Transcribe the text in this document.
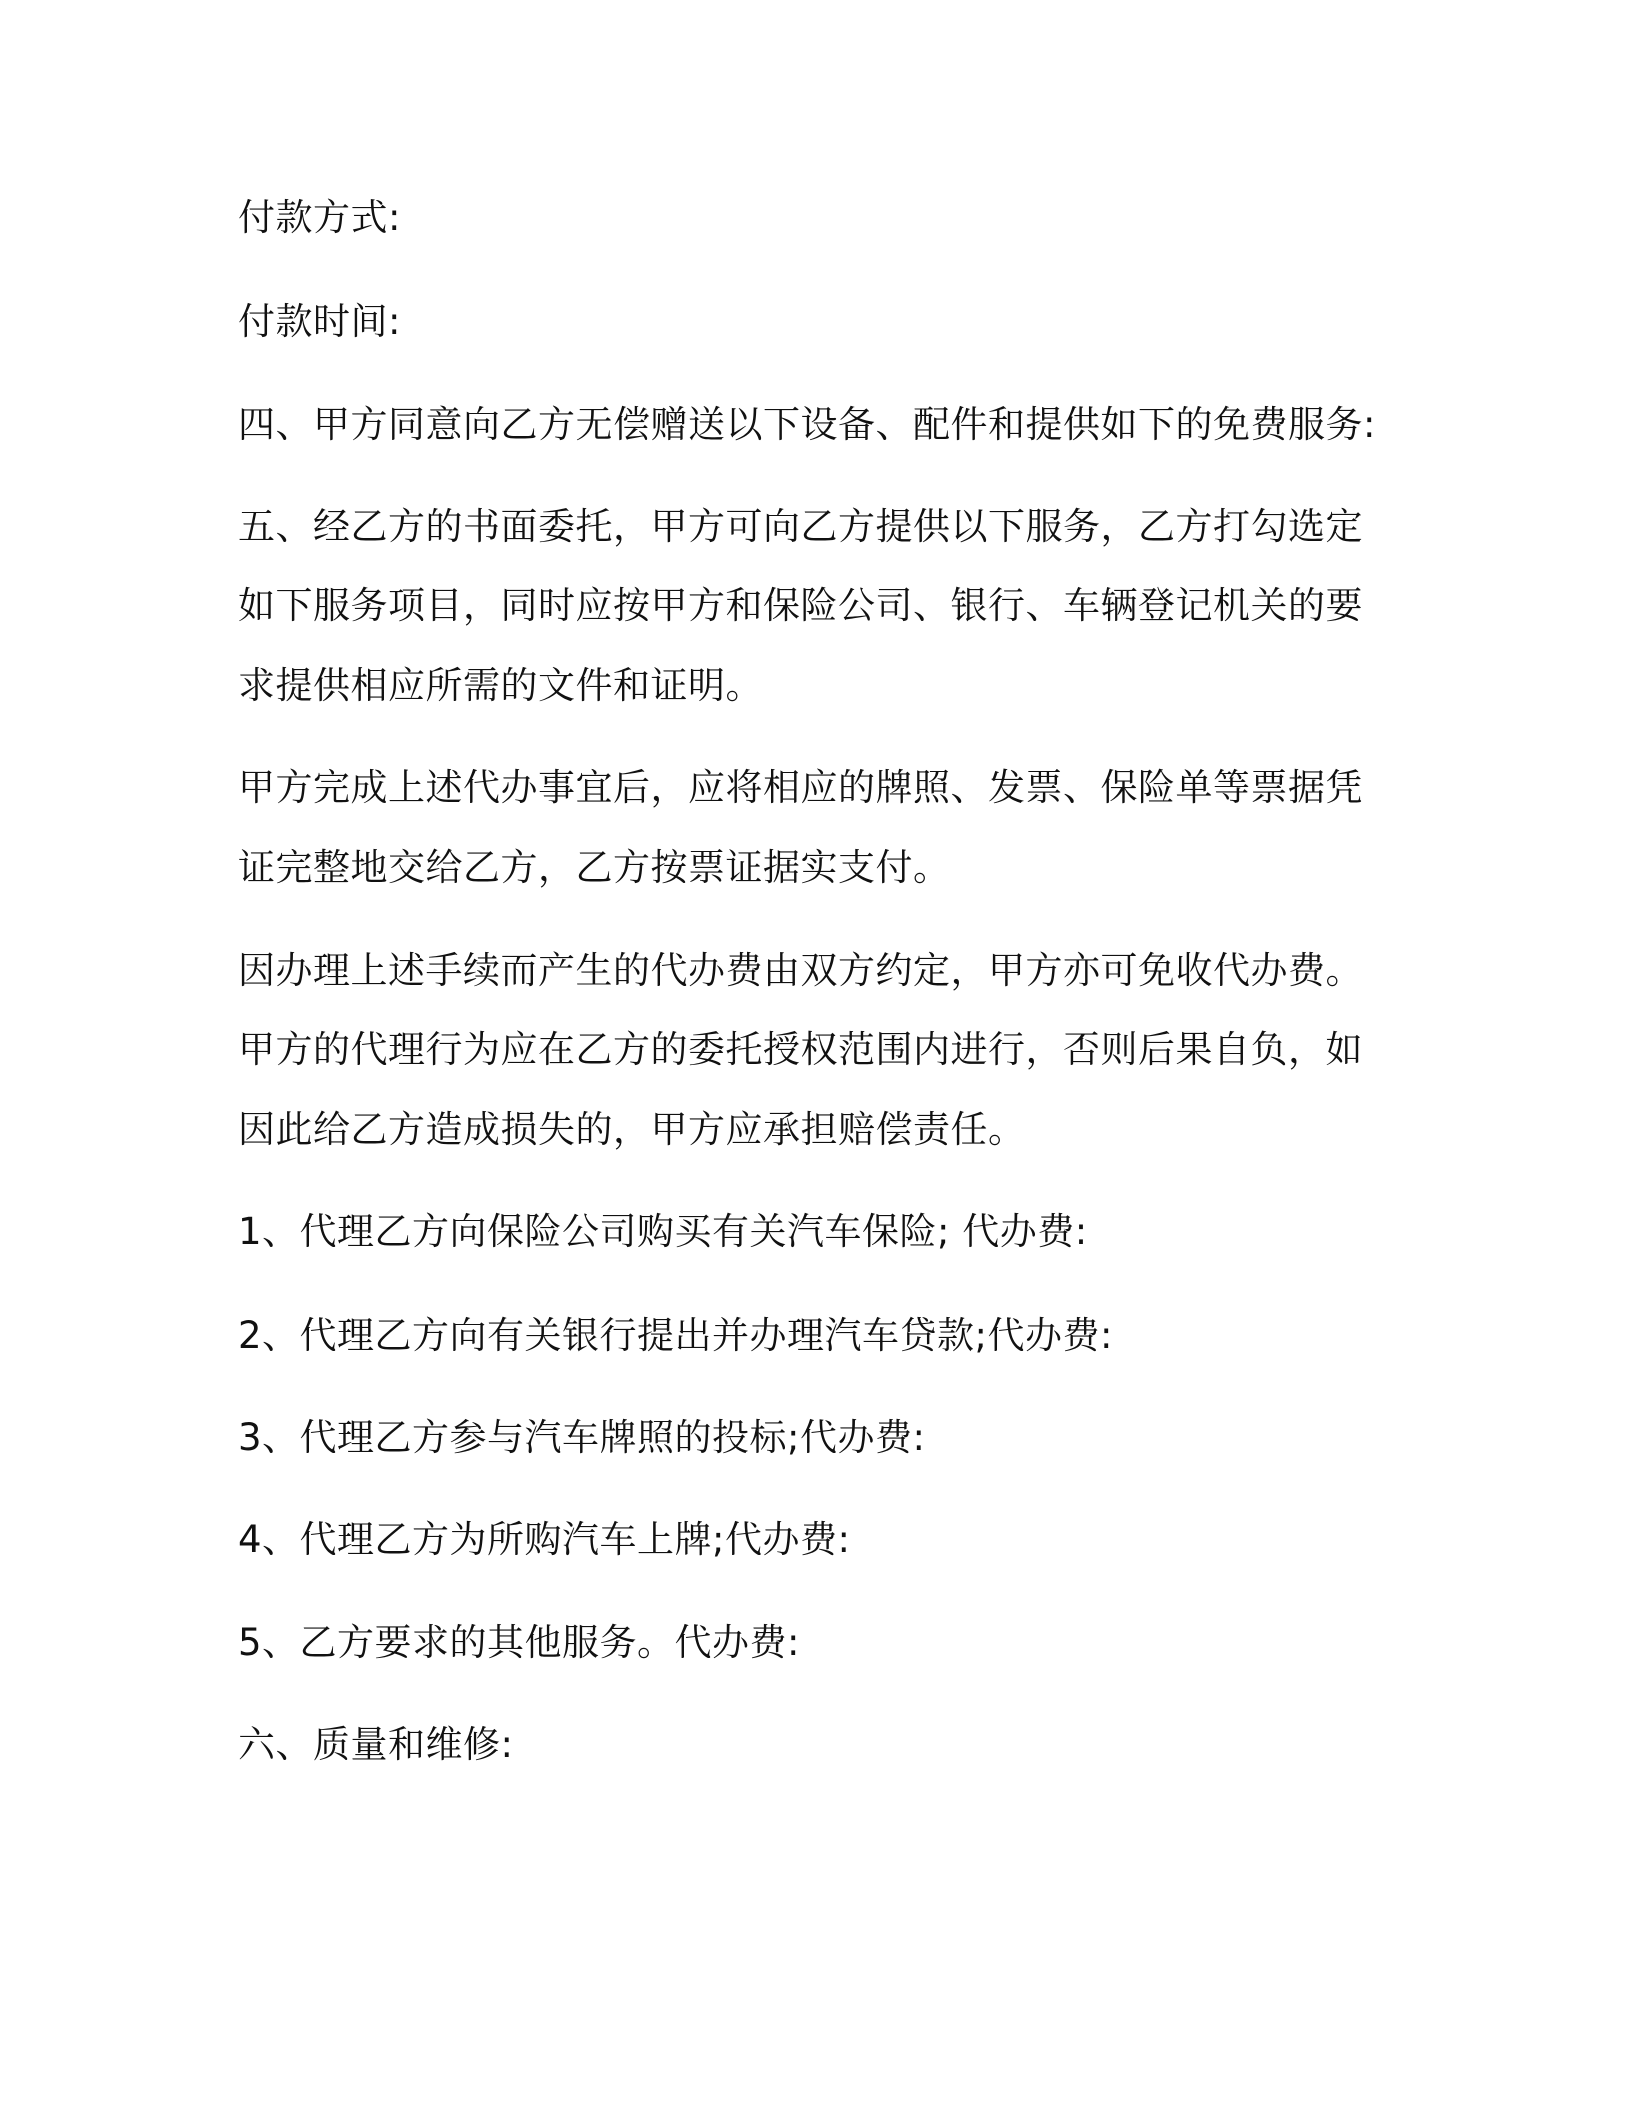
付款方式:
付款时间:
四、甲方同意向乙方无偿赠送以下设备、配件和提供如下的免费服务:
五、经乙方的书面委托，甲方可向乙方提供以下服务，乙方打勾选定
如下服务项目，同时应按甲方和保险公司、银行、车辆登记机关的要
求提供相应所需的文件和证明。
甲方完成上述代办事宜后，应将相应的牌照、发票、保险单等票据凭
证完整地交给乙方，乙方按票证据实支付。
因办理上述手续而产生的代办费由双方约定，甲方亦可免收代办费。
甲方的代理行为应在乙方的委托授权范围内进行，否则后果自负，如
因此给乙方造成损失的，甲方应承担赔偿责任。
1、代理乙方向保险公司购买有关汽车保险; 代办费:
2、代理乙方向有关银行提出并办理汽车贷款;代办费:
3、代理乙方参与汽车牌照的投标;代办费:
4、代理乙方为所购汽车上牌;代办费:
5、乙方要求的其他服务。代办费:
六、质量和维修:
